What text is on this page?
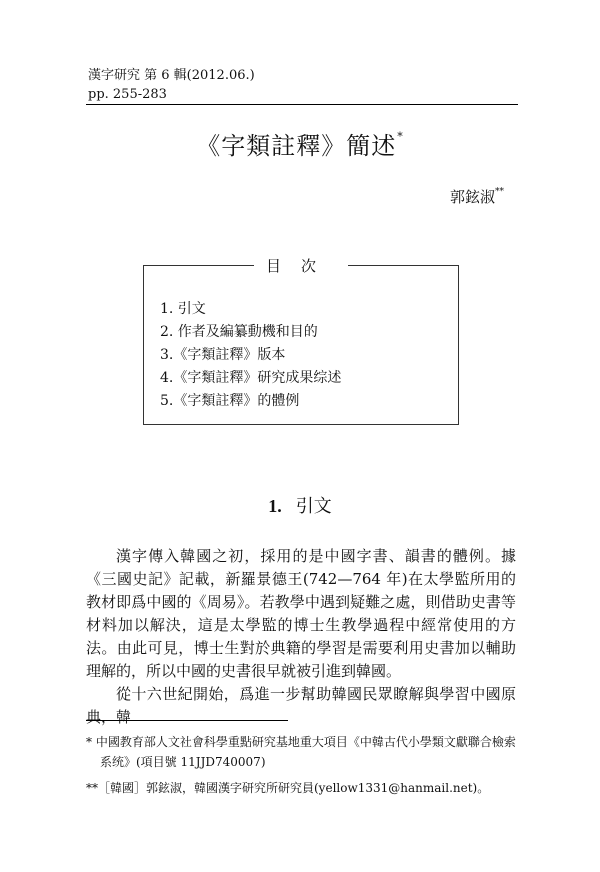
漢字研究 第 6 輯(2012.06.)
pp. 255-283
《字類註釋》簡述*
郭鉉淑**
目次
1. 引文
2. 作者及編纂動機和目的
3.《字類註釋》版本
4.《字類註釋》研究成果综述
5.《字類註釋》的體例
1. 引文

漢字傳入韓國之初，採用的是中國字書、韻書的體例。據《三國史記》記載，新羅景德王(742—764 年)在太學監所用的教材即爲中國的《周易》。若教學中遇到疑難之處，則借助史書等材料加以解決，這是太學監的博士生教學過程中經常使用的方法。由此可見，博士生對於典籍的學習是需要利用史書加以輔助理解的，所以中國的史書很早就被引進到韓國。

從十六世紀開始，爲進一步幫助韓國民眾瞭解與學習中國原典，韓

* 中國教育部人文社會科學重點研究基地重大項目《中韓古代小學類文獻聯合檢索系统》(項目號 11JJD740007)

**［韓國］郭鉉淑，韓國漢字研究所研究員(yellow1331@hanmail.net)。
